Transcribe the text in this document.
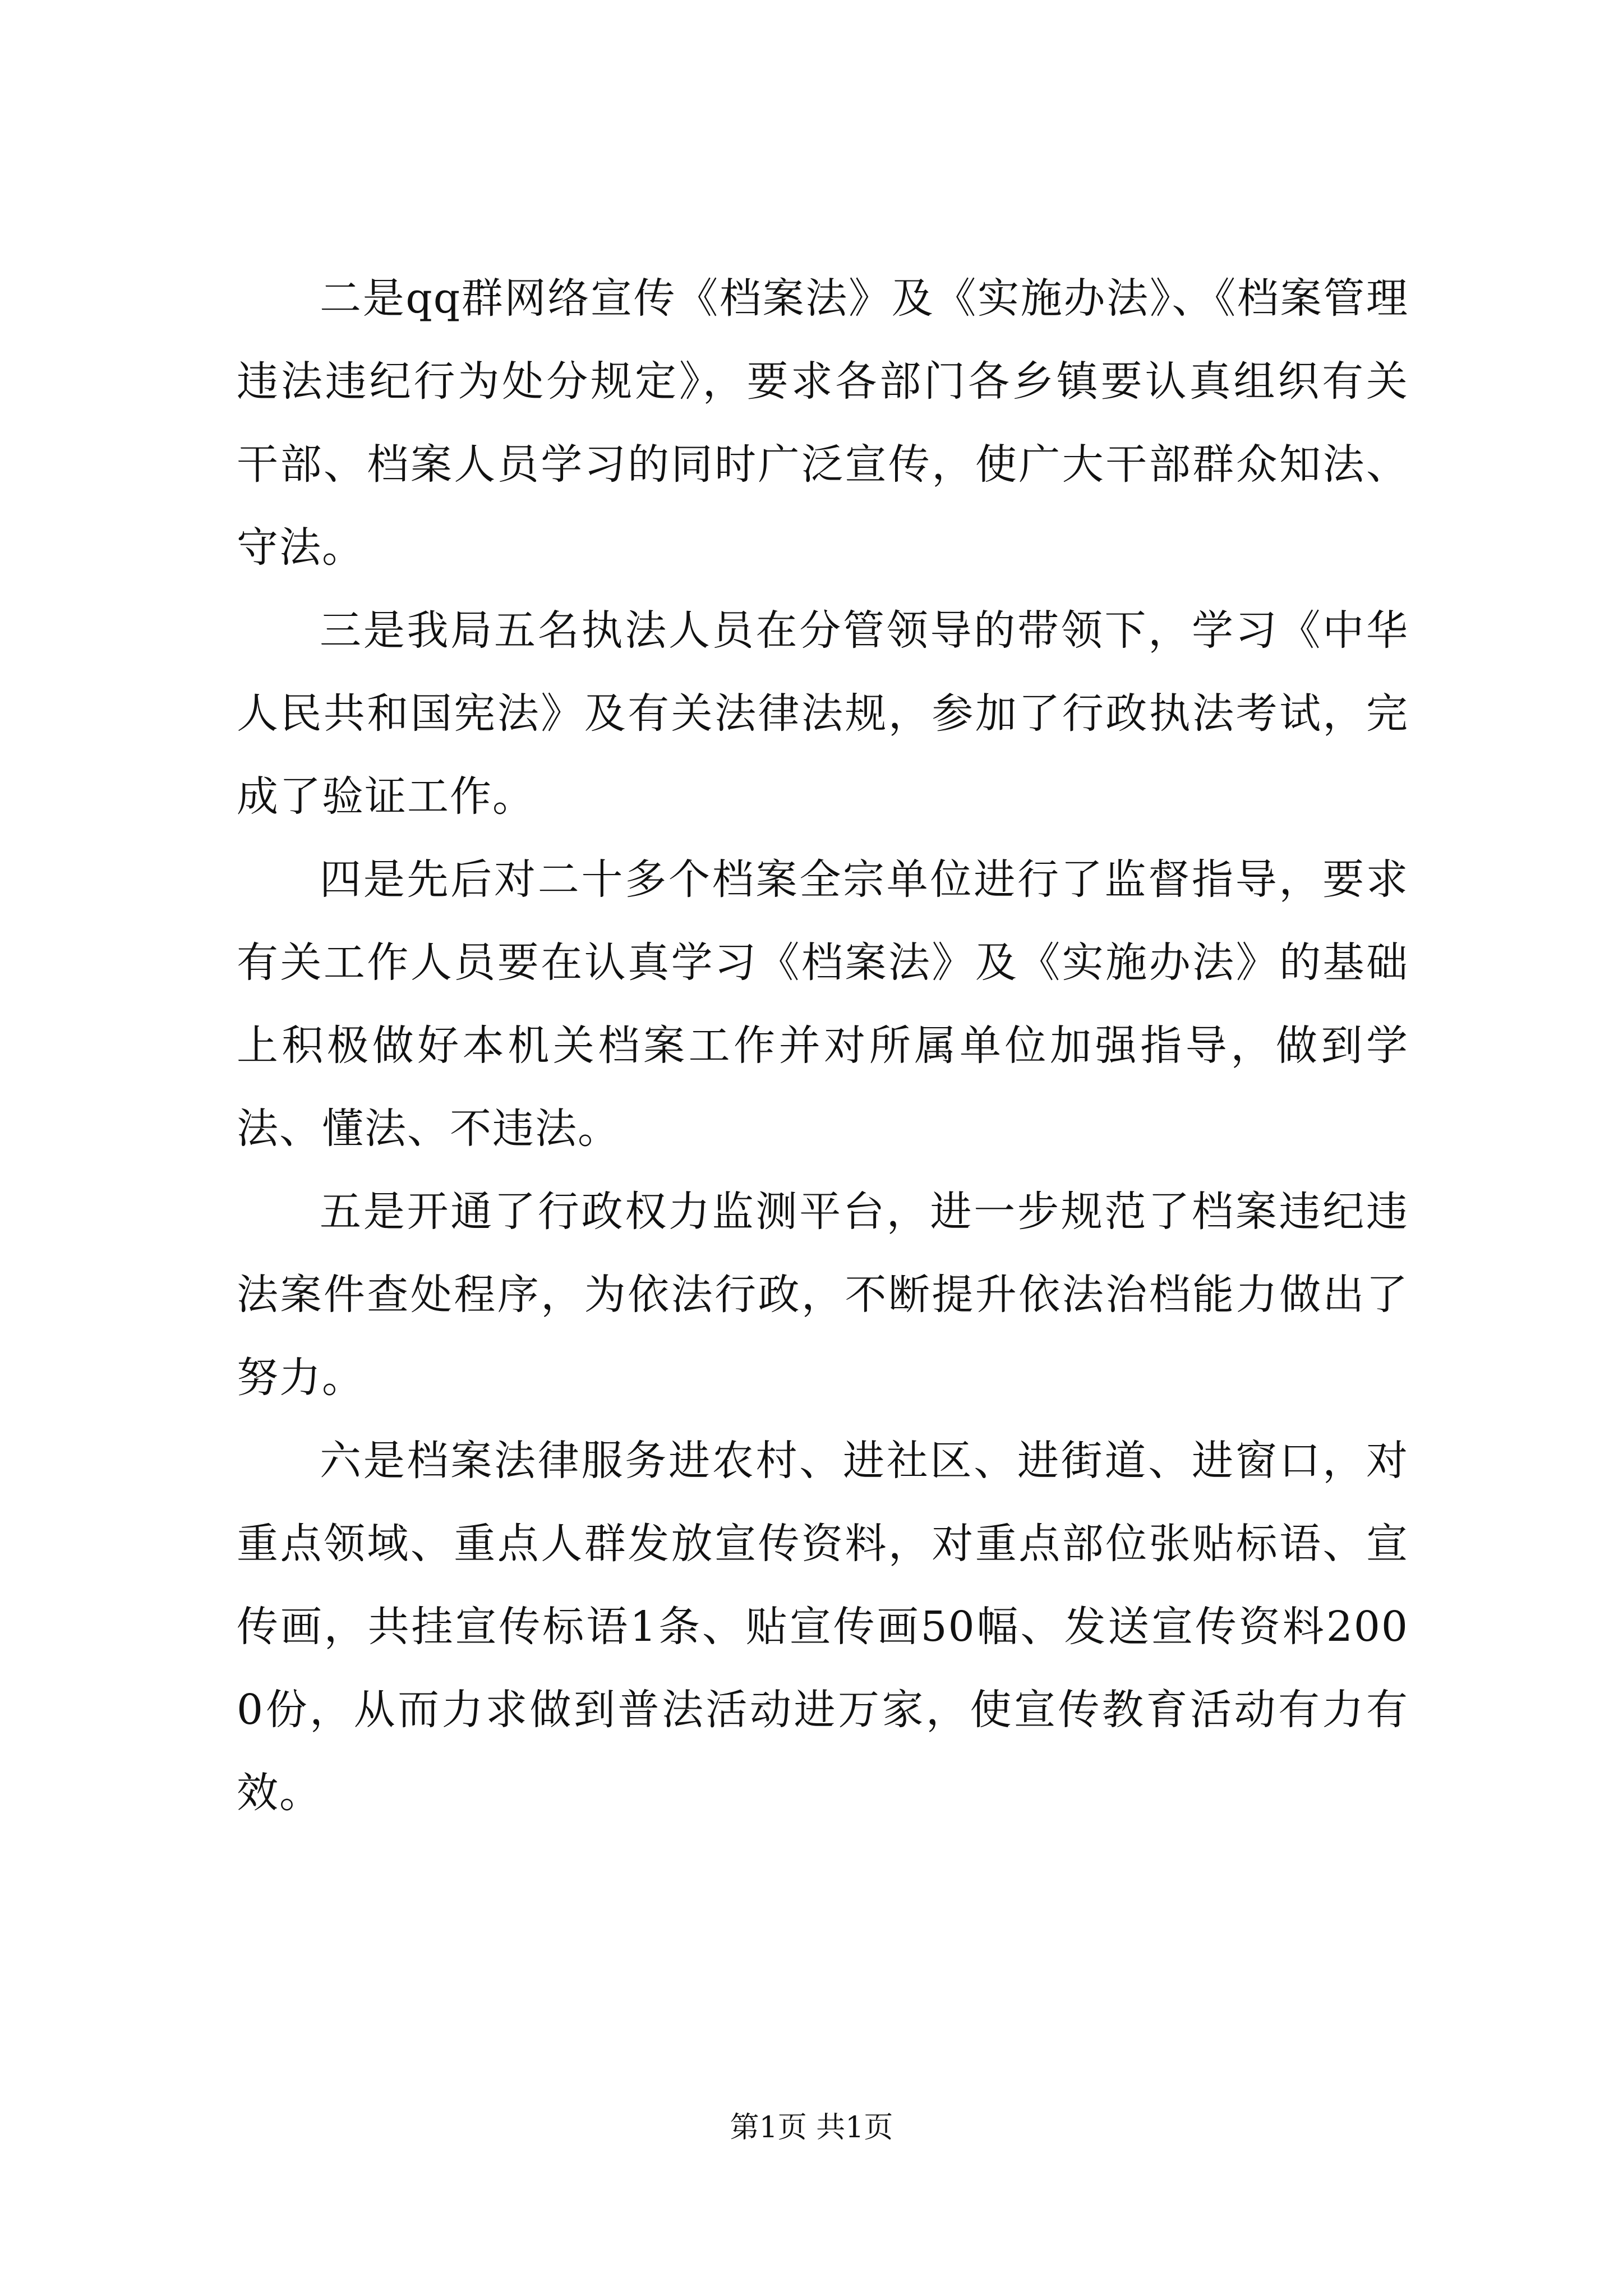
二是qq群网络宣传《档案法》及《实施办法》、《档案管理违法违纪行为处分规定》，要求各部门各乡镇要认真组织有关干部、档案人员学习的同时广泛宣传，使广大干部群众知法、守法。

三是我局五名执法人员在分管领导的带领下，学习《中华人民共和国宪法》及有关法律法规，参加了行政执法考试，完成了验证工作。

四是先后对二十多个档案全宗单位进行了监督指导，要求有关工作人员要在认真学习《档案法》及《实施办法》的基础上积极做好本机关档案工作并对所属单位加强指导，做到学法、懂法、不违法。

五是开通了行政权力监测平台，进一步规范了档案违纪违法案件查处程序，为依法行政，不断提升依法治档能力做出了努力。

六是档案法律服务进农村、进社区、进街道、进窗口，对重点领域、重点人群发放宣传资料，对重点部位张贴标语、宣传画，共挂宣传标语1条、贴宣传画50幅、发送宣传资料2000份，从而力求做到普法活动进万家，使宣传教育活动有力有效。

第1页 共1页
